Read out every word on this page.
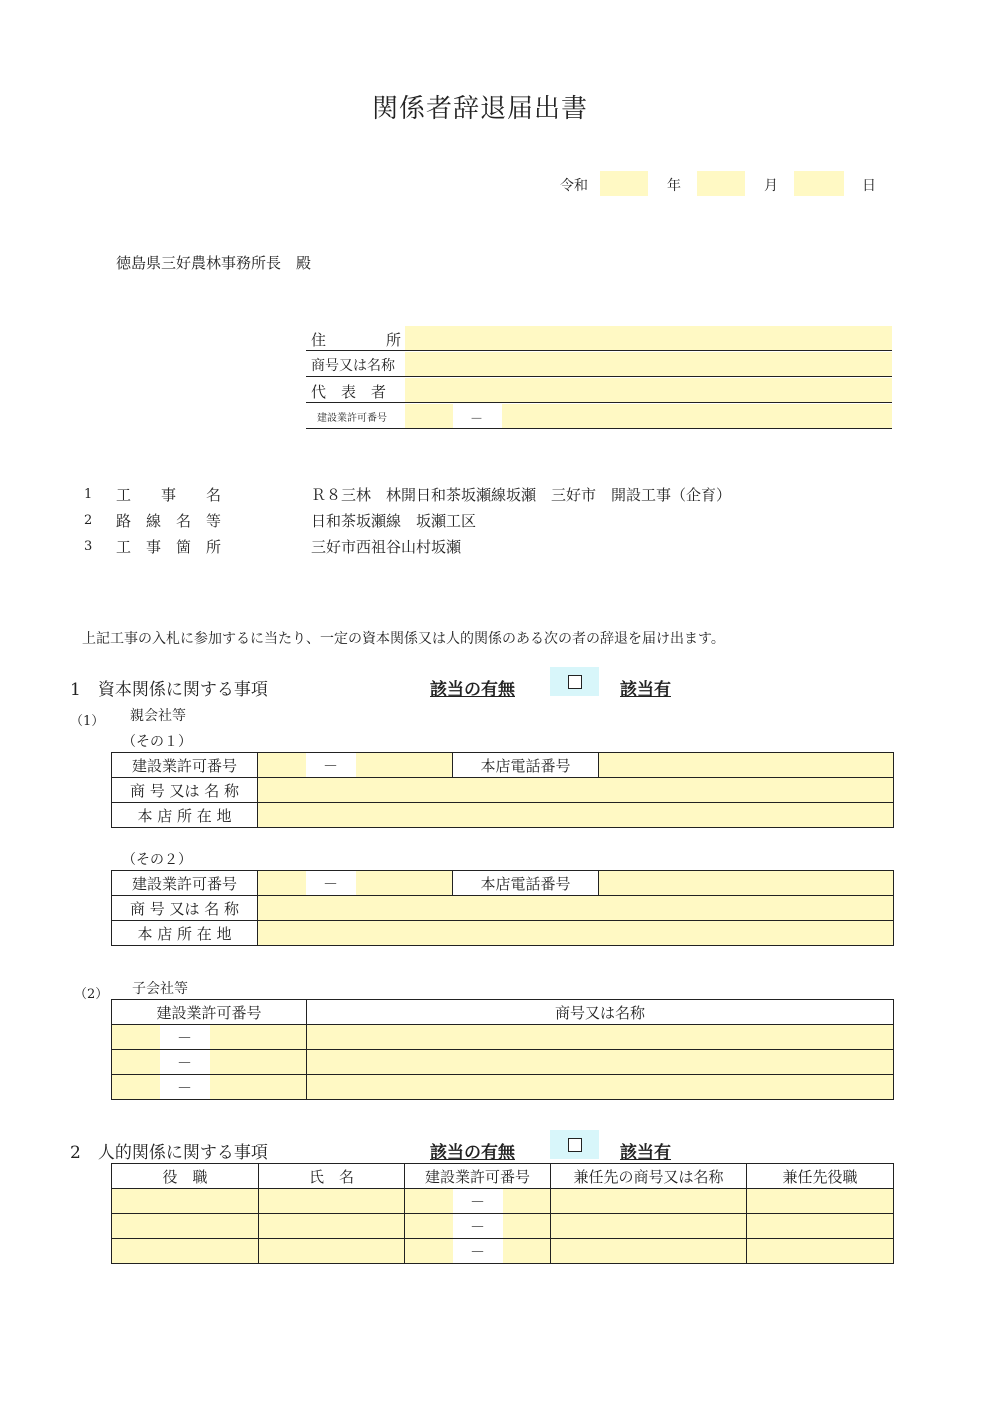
関係者辞退届出書
令和	年	月	日
徳島県三好農林事務所長　殿
住　　　　所
商号又は名称
代　表　者
建設業許可番号	－
1 工　　事　　名	Ｒ８三林　林開日和茶坂瀬線坂瀬　三好市　開設工事（企育）
2 路　線　名　等	日和茶坂瀬線　坂瀬工区
3 工　事　箇　所	三好市西祖谷山村坂瀬
上記工事の入札に参加するに当たり、一定の資本関係又は人的関係のある次の者の辞退を届け出ます。
1　資本関係に関する事項	該当の有無	該当有
（1） 親会社等
（その１）
建設業許可番号		－		本店電話番号	
商 号 又は 名 称					
本 店 所 在 地					
（その２）
建設業許可番号		－		本店電話番号	
商 号 又は 名 称					
本 店 所 在 地					
（2） 子会社等
建設業許可番号			商号又は名称
	－		
	－		
	－		
2　人的関係に関する事項	該当の有無	該当有
役　職	氏　名	建設業許可番号			兼任先の商号又は名称	兼任先役職
			－			
			－			
			－			
